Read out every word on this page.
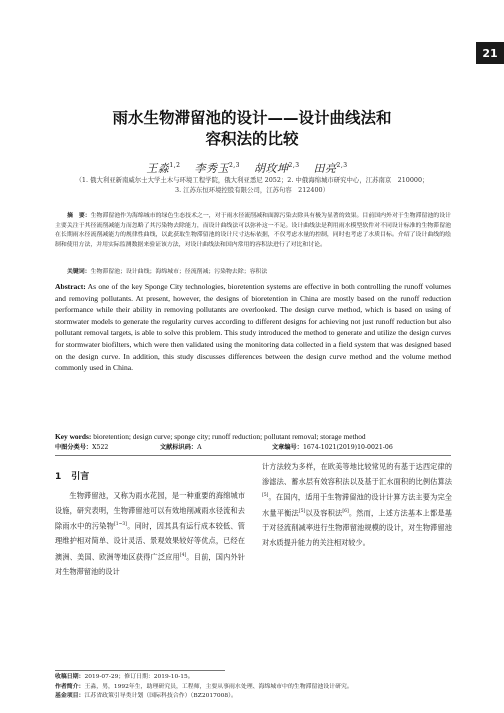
21
雨水生物滞留池的设计——设计曲线法和
容积法的比较
王淼$^{1,2}$ 李秀玉$^{2,3}$ 胡玫坤$^{2,3}$ 田亮$^{2,3}$
（1. 俄大利亚新南威尔士大学土木与环境工程学院，俄大利亚悉尼 2052；2. 中俄海绵城市研究中心，江苏南京　210000；
3. 江苏东恒环境控股有限公司，江苏句容　212400）

摘　要：生物滞留池作为海绵城市的绿色生态技术之一，对于雨水径流削减和面源污染去除具有极为显著的效果。目前国内外对于生物滞留池的设计主要关注于其径流削减能力而忽略了其污染物去除能力，而设计曲线法可以弥补这一不足。设计曲线法是利用雨水模型软件对不同设计标准的生物滞留池在长期雨水径流削减能力的规律性曲线，以此获取生物滞留池的设计尺寸达标依据，不仅考虑水量的控制，同时也考虑了水质目标。介绍了设计曲线的绘制和使用方法，并用实际监测数据来验证该方法，对设计曲线法和国内常用的容积法进行了对比和讨论。

关键词：生物滞留池；设计曲线；海绵城市；径流削减；污染物去除；容积法

Abstract: As one of the key Sponge City technologies, bioretention systems are effective in both controlling the runoff volumes and removing pollutants. At present, however, the designs of bioretention in China are mostly based on the runoff reduction performance while their ability in removing pollutants are overlooked. The design curve method, which is based on using of stormwater models to generate the regularity curves according to different designs for achieving not just runoff reduction but also pollutant removal targets, is able to solve this problem. This study introduced the method to generate and utilize the design curves for stormwater biofilters, which were then validated using the monitoring data collected in a field system that was designed based on the design curve. In addition, this study discusses differences between the design curve method and the volume method commonly used in China.

Key words: bioretention; design curve; sponge city; runoff reduction; pollutant removal; storage method

中图分类号：X522	文献标识码：A	文章编号：1674-1021(2019)10-0021-06
1 引言

生物滞留池，又称为雨水花园，是一种重要的海绵城市设施，研究表明，生物滞留池可以有效地削减雨水径流和去除雨水中的污染物[1~3]。同时，因其具有运行成本较低、管理维护相对简单、设计灵活、景观效果较好等优点，已经在澳洲、美国、欧洲等地区获得广泛应用[4]。目前，国内外针对生物滞留池的设计

计方法较为多样，在欧美等地比较常见的有基于达西定律的渗滤法、蓄水层有效容积法以及基于汇水面积的比例估算法[5]。在国内，适用于生物滞留池的设计计算方法主要为完全水量平衡法[5]以及容积法[6]。然而，上述方法基本上都是基于对径流削减率进行生物滞留池规模的设计，对生物滞留池对水质提升能力的关注相对较少。

收稿日期：2019-07-29；修订日期：2019-10-15。
作者简介：王淼，男，1992年生，助理研究员，工程师，主要从事雨水处理、海绵城市中的生物滞留池设计研究。
基金项目：江苏省政策引导类计划（国际科技合作）（BZ2017008）。
